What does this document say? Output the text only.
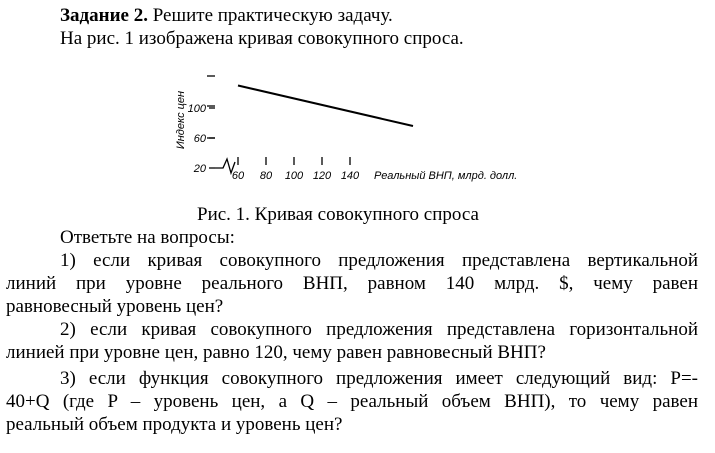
Задание 2. Решите практическую задачу.
На рис. 1 изображена кривая совокупного спроса.
Индекс цен
20
60
100
60 80 100 120 140 Реальный ВНП, млрд. долл.
Рис. 1. Кривая совокупного спроса
Ответьте на вопросы:
1) если кривая совокупного предложения представлена вертикальной
линий при уровне реального ВНП, равном 140 млрд. $, чему равен
равновесный уровень цен?
2) если кривая совокупного предложения представлена горизонтальной
линией при уровне цен, равно 120, чему равен равновесный ВНП?
3) если функция совокупного предложения имеет следующий вид: P=-
40+Q (где P – уровень цен, а Q – реальный объем ВНП), то чему равен
реальный объем продукта и уровень цен?
